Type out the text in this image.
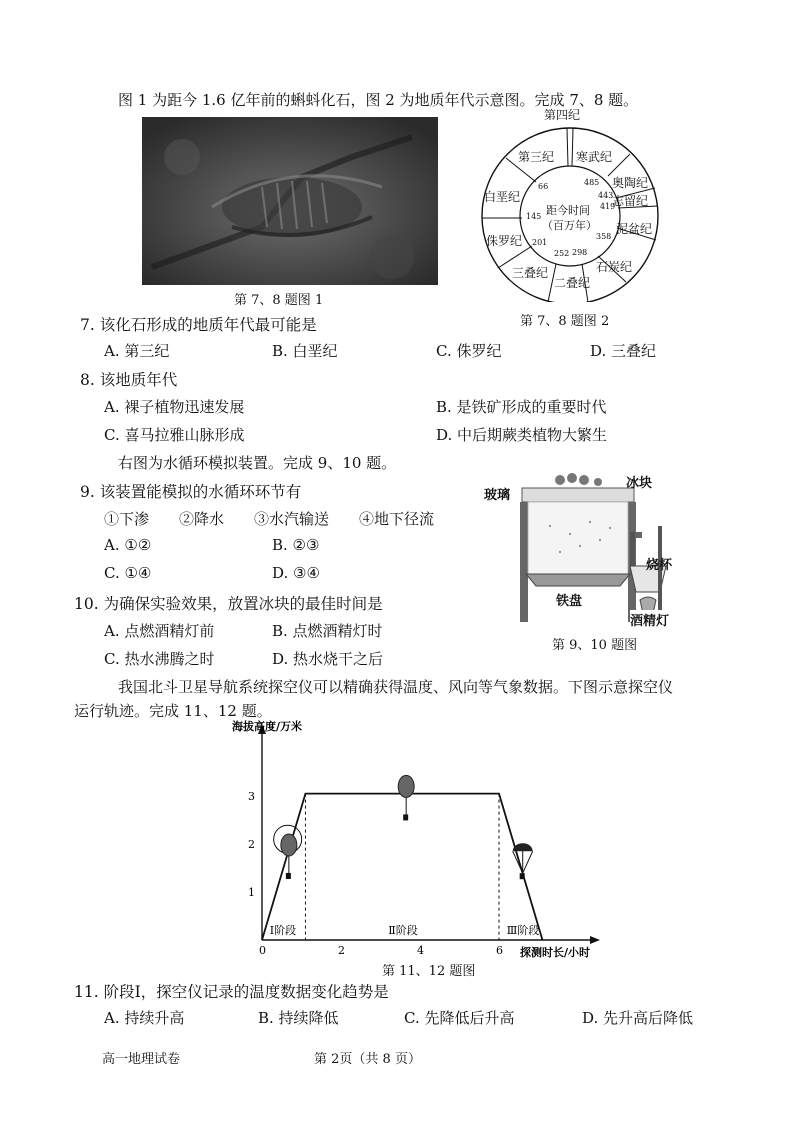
图 1 为距今 1.6 亿年前的蝌蚪化石，图 2 为地质年代示意图。完成 7、8 题。
第 7、8 题图 1
第四纪
寒武纪
奥陶纪
志留纪
泥盆纪
石炭纪
二叠纪
三叠纪
侏罗纪
白垩纪
第三纪
距今时间
（百万年）
485
443
419
358
298
252
201
145
66
第 7、8 题图 2
7. 该化石形成的地质年代最可能是
A. 第三纪	B. 白垩纪	C. 侏罗纪	D. 三叠纪
8. 该地质年代
A. 裸子植物迅速发展	B. 是铁矿形成的重要时代
C. 喜马拉雅山脉形成	D. 中后期蕨类植物大繁生
右图为水循环模拟装置。完成 9、10 题。
9. 该装置能模拟的水循环环节有
①下渗　　②降水　　③水汽输送　　④地下径流
A. ①②	B. ②③
C. ①④	D. ③④
10. 为确保实验效果，放置冰块的最佳时间是
A. 点燃酒精灯前	B. 点燃酒精灯时
C. 热水沸腾之时	D. 热水烧干之后
玻璃
冰块
烧杯
铁盘
酒精灯
第 9、10 题图
我国北斗卫星导航系统探空仪可以精确获得温度、风向等气象数据。下图示意探空仪
运行轨迹。完成 11、12 题。
海拔高度/万米
探测时长/小时
0	2	4	6
1
2
3
Ⅰ阶段	Ⅱ阶段	Ⅲ阶段
第 11、12 题图
11. 阶段Ⅰ，探空仪记录的温度数据变化趋势是
A. 持续升高	B. 持续降低	C. 先降低后升高	D. 先升高后降低
高一地理试卷	第 2页（共 8 页）
